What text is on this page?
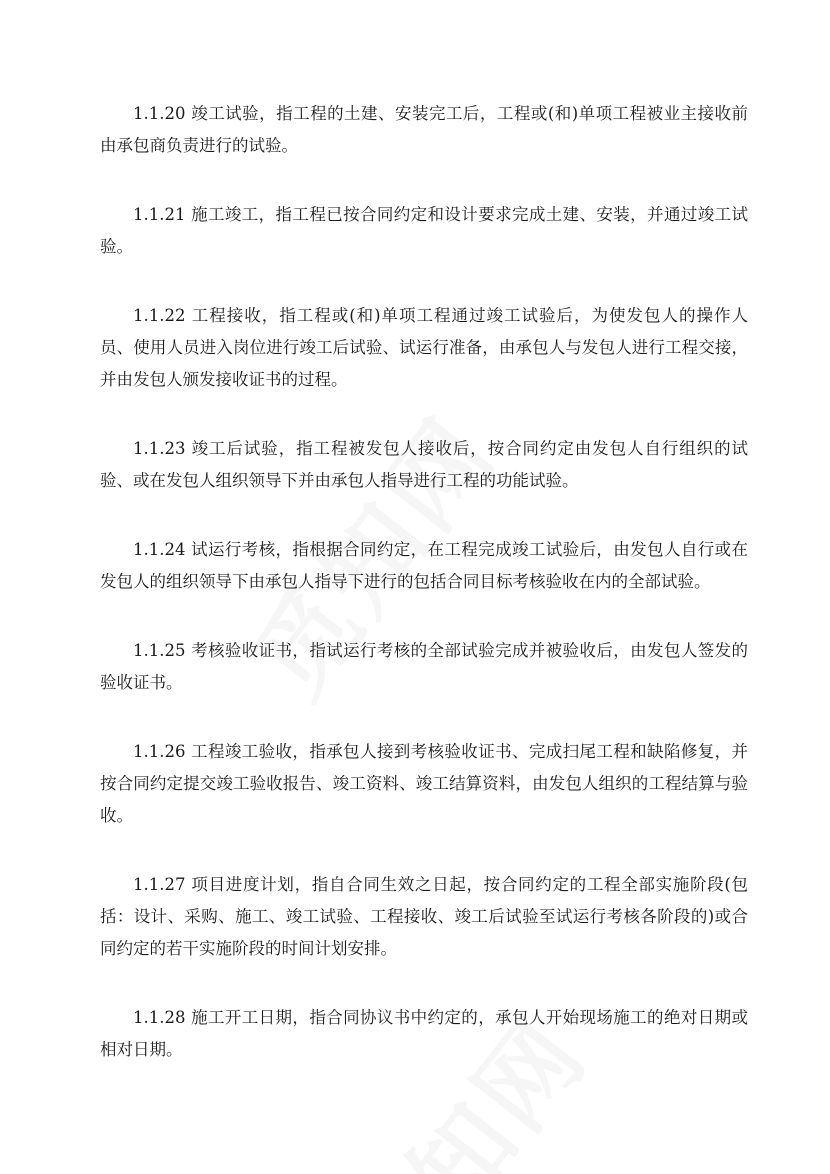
1.1.20 竣工试验，指工程的土建、安装完工后，工程或(和)单项工程被业主接收前由承包商负责进行的试验。

1.1.21 施工竣工，指工程已按合同约定和设计要求完成土建、安装，并通过竣工试验。

1.1.22 工程接收，指工程或(和)单项工程通过竣工试验后，为使发包人的操作人员、使用人员进入岗位进行竣工后试验、试运行准备，由承包人与发包人进行工程交接，并由发包人颁发接收证书的过程。

1.1.23 竣工后试验，指工程被发包人接收后，按合同约定由发包人自行组织的试验、或在发包人组织领导下并由承包人指导进行工程的功能试验。

1.1.24 试运行考核，指根据合同约定，在工程完成竣工试验后，由发包人自行或在发包人的组织领导下由承包人指导下进行的包括合同目标考核验收在内的全部试验。

1.1.25 考核验收证书，指试运行考核的全部试验完成并被验收后，由发包人签发的验收证书。

1.1.26 工程竣工验收，指承包人接到考核验收证书、完成扫尾工程和缺陷修复，并按合同约定提交竣工验收报告、竣工资料、竣工结算资料，由发包人组织的工程结算与验收。

1.1.27 项目进度计划，指自合同生效之日起，按合同约定的工程全部实施阶段(包括：设计、采购、施工、竣工试验、工程接收、竣工后试验至试运行考核各阶段的)或合同约定的若干实施阶段的时间计划安排。

1.1.28 施工开工日期，指合同协议书中约定的，承包人开始现场施工的绝对日期或相对日期。
